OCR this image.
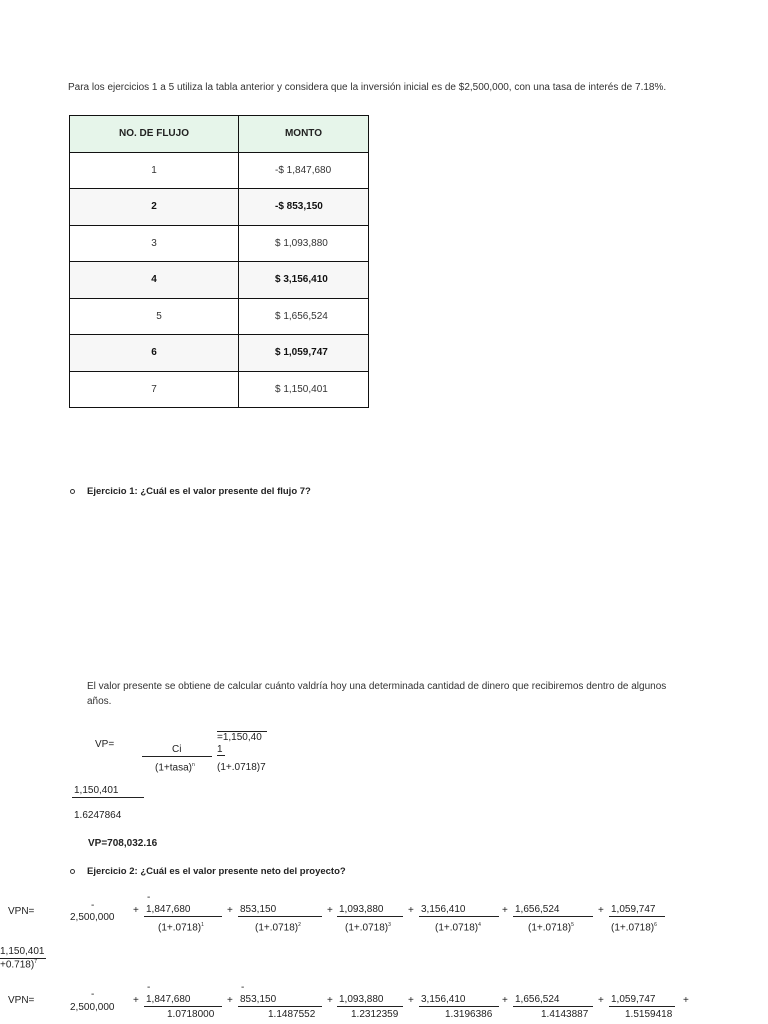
Para los ejercicios 1 a 5 utiliza la tabla anterior y considera que la inversión inicial es de $2,500,000, con una tasa de interés de 7.18%.
NO. DE FLUJO	MONTO
1	-$ 1,847,680
2	-$ 853,150
3	$ 1,093,880
4	$ 3,156,410
5	$ 1,656,524
6	$ 1,059,747
7	$ 1,150,401
Ejercicio 1: ¿Cuál es el valor presente del flujo 7?
El valor presente se obtiene de calcular cuánto valdría hoy una determinada cantidad de dinero que recibiremos dentro de algunos años.
VP=	Ci
(1+tasa)$^n$
=1,150,40
1
(1+.0718)7
1,150,401
1.6247864
VP=708,032.16
Ejercicio 2: ¿Cuál es el valor presente neto del proyecto?
VPN=
-
2,500,000
+
-
1,847,680
$(1+.0718)^1$
+ 853,150
$(1+.0718)^2$
+ 1,093,880
$(1+.0718)^3$
+ 3,156,410
$(1+.0718)^4$
+ 1,656,524
$(1+.0718)^5$
+ 1,059,747
$(1+.0718)^6$
1,150,401
+0.718)$^7$
VPN=
-
2,500,000
+
-
1,847,680
1.0718000
+
-
853,150
1.1487552
+ 1,093,880
1.2312359
+ 3,156,410
1.3196386
+ 1,656,524
1.4143887
+ 1,059,747
1.5159418
+
